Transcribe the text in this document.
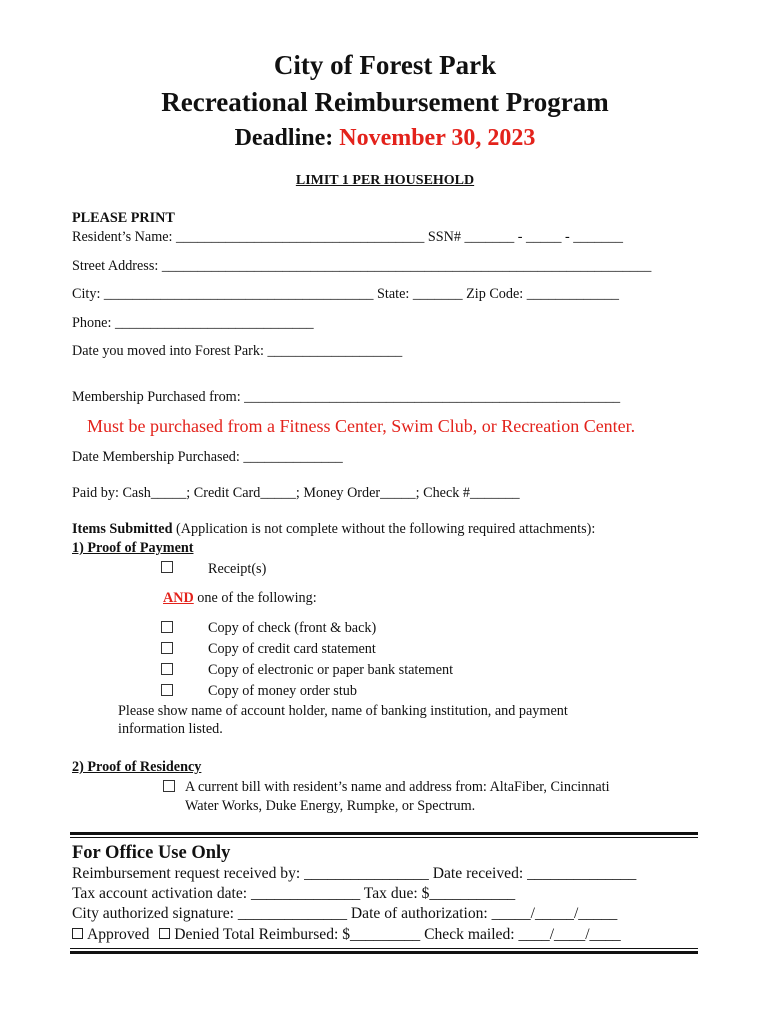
City of Forest Park
Recreational Reimbursement Program
Deadline: November 30, 2023
LIMIT 1 PER HOUSEHOLD
PLEASE PRINT
Resident’s Name: ___________________________________ SSN# _______ - _____ - _______
Street Address: _____________________________________________________________________
City: ______________________________________ State: _______ Zip Code: _____________
Phone: ____________________________
Date you moved into Forest Park: ___________________
Membership Purchased from: _____________________________________________________
Must be purchased from a Fitness Center, Swim Club, or Recreation Center.
Date Membership Purchased: ______________
Paid by: Cash_____; Credit Card_____; Money Order_____; Check #_______
Items Submitted (Application is not complete without the following required attachments):
1) Proof of Payment
Receipt(s)
AND one of the following:
Copy of check (front & back)
Copy of credit card statement
Copy of electronic or paper bank statement
Copy of money order stub
Please show name of account holder, name of banking institution, and payment
information listed.
2) Proof of Residency
A current bill with resident’s name and address from: AltaFiber, Cincinnati
Water Works, Duke Energy, Rumpke, or Spectrum.
For Office Use Only
Reimbursement request received by: ________________ Date received: ______________
Tax account activation date: ______________ Tax due: $___________
City authorized signature: ______________ Date of authorization: _____/_____/_____
Approved Denied Total Reimbursed: $_________ Check mailed: ____/____/____
